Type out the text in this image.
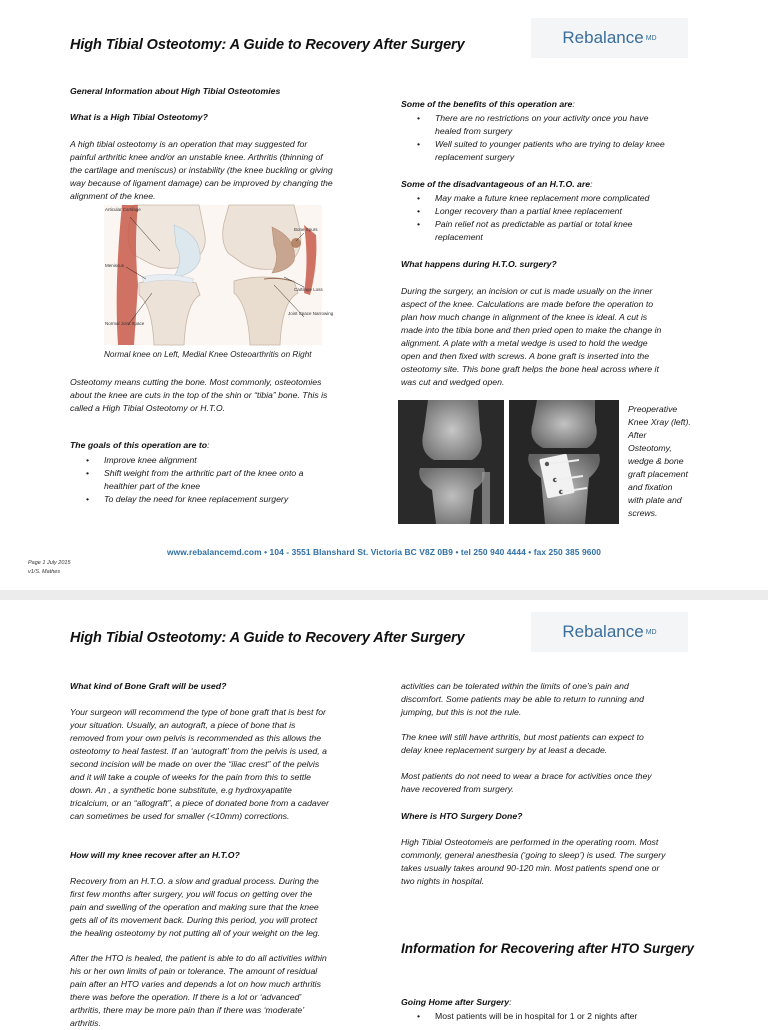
High Tibial Osteotomy: A Guide to Recovery After Surgery	Rebalance MD
General Information about High Tibial Osteotomies
What is a High Tibial Osteotomy?
A high tibial osteotomy is an operation that may suggested for
painful arthritic knee and/or an unstable knee. Arthritis (thinning of
the cartilage and meniscus) or instability (the knee buckling or giving
way because of ligament damage) can be improved by changing the
alignment of the knee.
Articular Cartilage
Meniscus
Normal Joint Space
Bone Spurs
Cartilage Loss
Joint Space Narrowing
Normal knee on Left, Medial Knee Osteoarthritis on Right
Osteotomy means cutting the bone. Most commonly, osteotomies
about the knee are cuts in the top of the shin or “tibia” bone. This is
called a High Tibial Osteotomy or H.T.O.
The goals of this operation are to:
• Improve knee alignment
• Shift weight from the arthritic part of the knee onto a
healthier part of the knee
• To delay the need for knee replacement surgery
Some of the benefits of this operation are:
• There are no restrictions on your activity once you have
healed from surgery
• Well suited to younger patients who are trying to delay knee
replacement surgery
Some of the disadvantageous of an H.T.O. are:
• May make a future knee replacement more complicated
• Longer recovery than a partial knee replacement
• Pain relief not as predictable as partial or total knee
replacement
What happens during H.T.O. surgery?
During the surgery, an incision or cut is made usually on the inner
aspect of the knee. Calculations are made before the operation to
plan how much change in alignment of the knee is ideal. A cut is
made into the tibia bone and then pried open to make the change in
alignment. A plate with a metal wedge is used to hold the wedge
open and then fixed with screws. A bone graft is inserted into the
osteotomy site. This bone graft helps the bone heal across where it
was cut and wedged open.
Preoperative
Knee Xray (left).
After
Osteotomy,
wedge & bone
graft placement
and fixation
with plate and
screws.
www.rebalancemd.com • 104 - 3551 Blanshard St. Victoria BC V8Z 0B9 • tel 250 940 4444 • fax 250 385 9600
Page 1 July 2015
v1/S. Mathes
High Tibial Osteotomy: A Guide to Recovery After Surgery	Rebalance MD
What kind of Bone Graft will be used?
Your surgeon will recommend the type of bone graft that is best for
your situation. Usually, an autograft, a piece of bone that is
removed from your own pelvis is recommended as this allows the
osteotomy to heal fastest. If an ‘autograft’ from the pelvis is used, a
second incision will be made on over the “iliac crest” of the pelvis
and it will take a couple of weeks for the pain from this to settle
down. An , a synthetic bone substitute, e.g hydroxyapatite
tricalcium, or an “allograft”, a piece of donated bone from a cadaver
can sometimes be used for smaller (<10mm) corrections.
How will my knee recover after an H.T.O?
Recovery from an H.T.O. a slow and gradual process. During the
first few months after surgery, you will focus on getting over the
pain and swelling of the operation and making sure that the knee
gets all of its movement back. During this period, you will protect
the healing osteotomy by not putting all of your weight on the leg.
After the HTO is healed, the patient is able to do all activities within
his or her own limits of pain or tolerance. The amount of residual
pain after an HTO varies and depends a lot on how much arthritis
there was before the operation. If there is a lot or ‘advanced’
arthritis, there may be more pain than if there was ‘moderate’
arthritis.
activities can be tolerated within the limits of one’s pain and
discomfort. Some patients may be able to return to running and
jumping, but this is not the rule.
The knee will still have arthritis, but most patients can expect to
delay knee replacement surgery by at least a decade.
Most patients do not need to wear a brace for activities once they
have recovered from surgery.
Where is HTO Surgery Done?
High Tibial Osteotomeis are performed in the operating room. Most
commonly, general anesthesia (‘going to sleep’) is used. The surgery
takes usually takes around 90-120 min. Most patients spend one or
two nights in hospital.
Information for Recovering after HTO Surgery
Going Home after Surgery:
• Most patients will be in hospital for 1 or 2 nights after
